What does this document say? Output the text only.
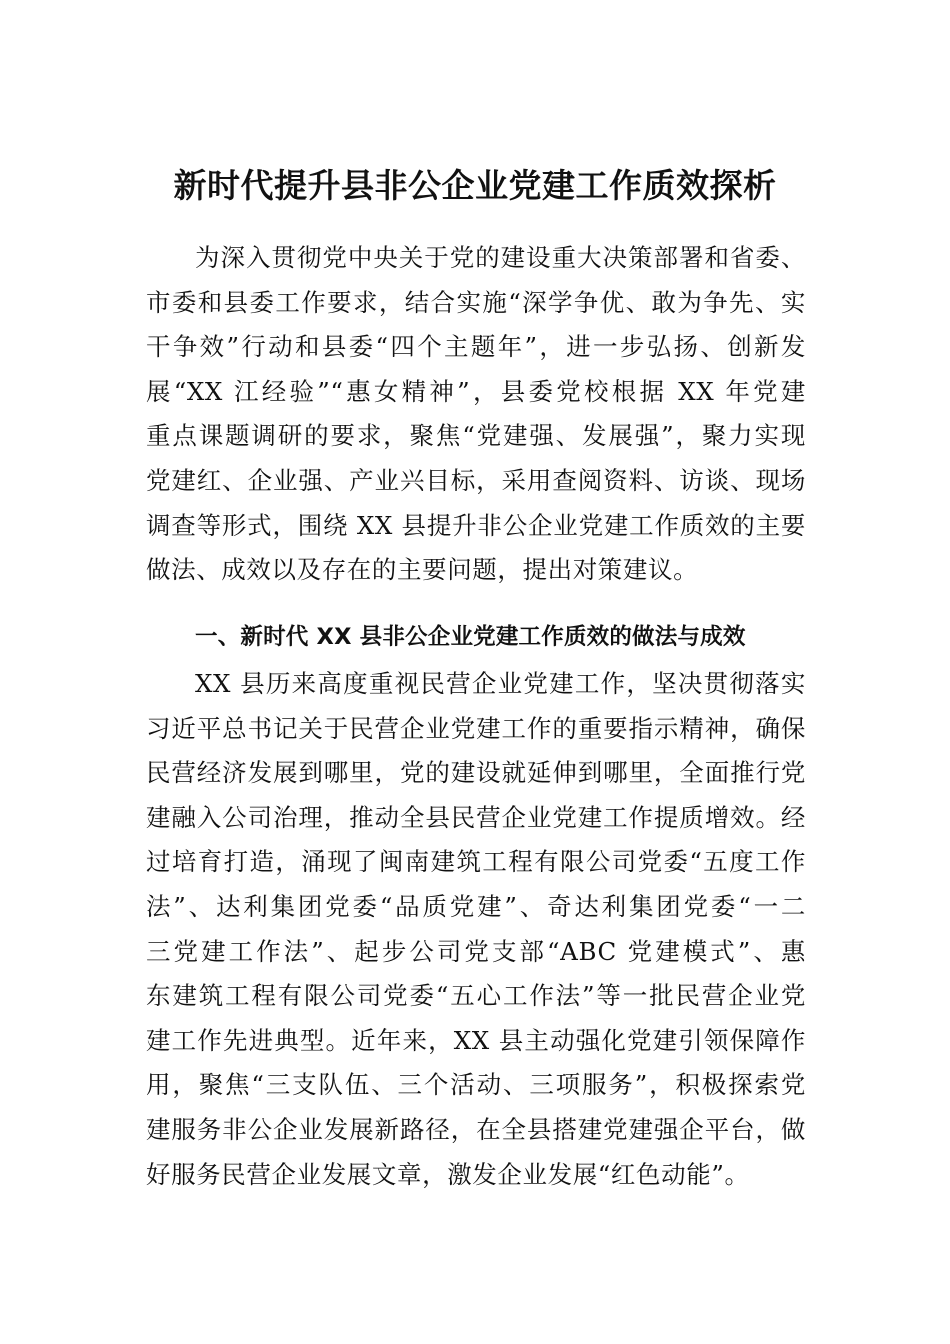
新时代提升县非公企业党建工作质效探析
为深入贯彻党中央关于党的建设重大决策部署和省委、
市委和县委工作要求，结合实施“深学争优、敢为争先、实
干争效”行动和县委“四个主题年”，进一步弘扬、创新发
展“XX 江经验”“惠女精神”，县委党校根据 XX 年党建
重点课题调研的要求，聚焦“党建强、发展强”，聚力实现
党建红、企业强、产业兴目标，采用查阅资料、访谈、现场
调查等形式，围绕 XX 县提升非公企业党建工作质效的主要
做法、成效以及存在的主要问题，提出对策建议。
一、新时代 XX 县非公企业党建工作质效的做法与成效
XX 县历来高度重视民营企业党建工作，坚决贯彻落实
习近平总书记关于民营企业党建工作的重要指示精神，确保
民营经济发展到哪里，党的建设就延伸到哪里，全面推行党
建融入公司治理，推动全县民营企业党建工作提质增效。经
过培育打造，涌现了闽南建筑工程有限公司党委“五度工作
法”、达利集团党委“品质党建”、奇达利集团党委“一二
三党建工作法”、起步公司党支部“ABC 党建模式”、惠
东建筑工程有限公司党委“五心工作法”等一批民营企业党
建工作先进典型。近年来，XX 县主动强化党建引领保障作
用，聚焦“三支队伍、三个活动、三项服务”，积极探索党
建服务非公企业发展新路径，在全县搭建党建强企平台，做
好服务民营企业发展文章，激发企业发展“红色动能”。
